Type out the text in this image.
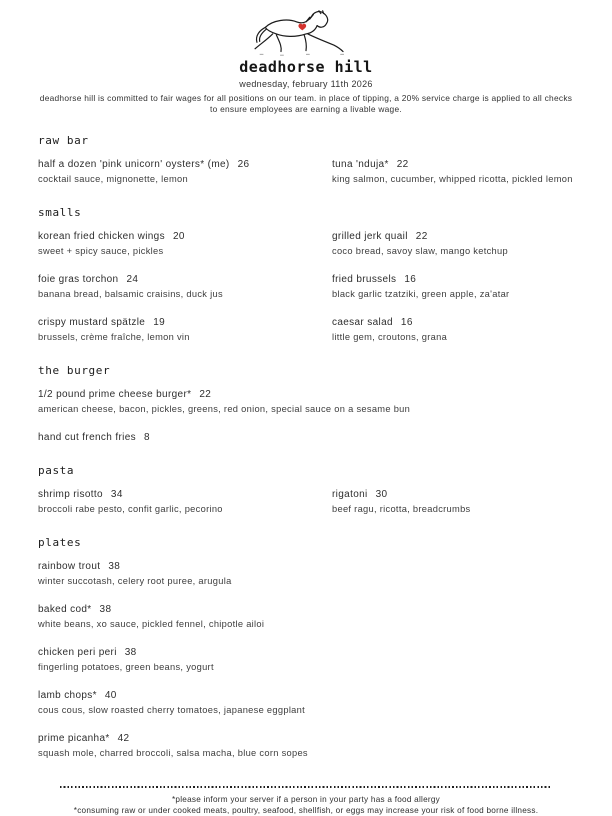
deadhorse hill
wednesday, february 11th 2026
deadhorse hill is committed to fair wages for all positions on our team. in place of tipping, a 20% service charge is applied to all checks to ensure employees are earning a livable wage.
raw bar
half a dozen 'pink unicorn' oysters* (me) 26
cocktail sauce, mignonette, lemon
tuna 'nduja* 22
king salmon, cucumber, whipped ricotta, pickled lemon
smalls
korean fried chicken wings 20
sweet + spicy sauce, pickles
foie gras torchon 24
banana bread, balsamic craisins, duck jus
crispy mustard spätzle 19
brussels, crème fraîche, lemon vin
grilled jerk quail 22
coco bread, savoy slaw, mango ketchup
fried brussels 16
black garlic tzatziki, green apple, za'atar
caesar salad 16
little gem, croutons, grana
the burger
1/2 pound prime cheese burger* 22
american cheese, bacon, pickles, greens, red onion, special sauce on a sesame bun
hand cut french fries 8
pasta
shrimp risotto 34
broccoli rabe pesto, confit garlic, pecorino
rigatoni 30
beef ragu, ricotta, breadcrumbs
plates
rainbow trout 38
winter succotash, celery root puree, arugula
baked cod* 38
white beans, xo sauce, pickled fennel, chipotle ailoi
chicken peri peri 38
fingerling potatoes, green beans, yogurt
lamb chops* 40
cous cous, slow roasted cherry tomatoes, japanese eggplant
prime picanha* 42
squash mole, charred broccoli, salsa macha, blue corn sopes
*please inform your server if a person in your party has a food allergy
*consuming raw or under cooked meats, poultry, seafood, shellfish, or eggs may increase your risk of food borne illness.
